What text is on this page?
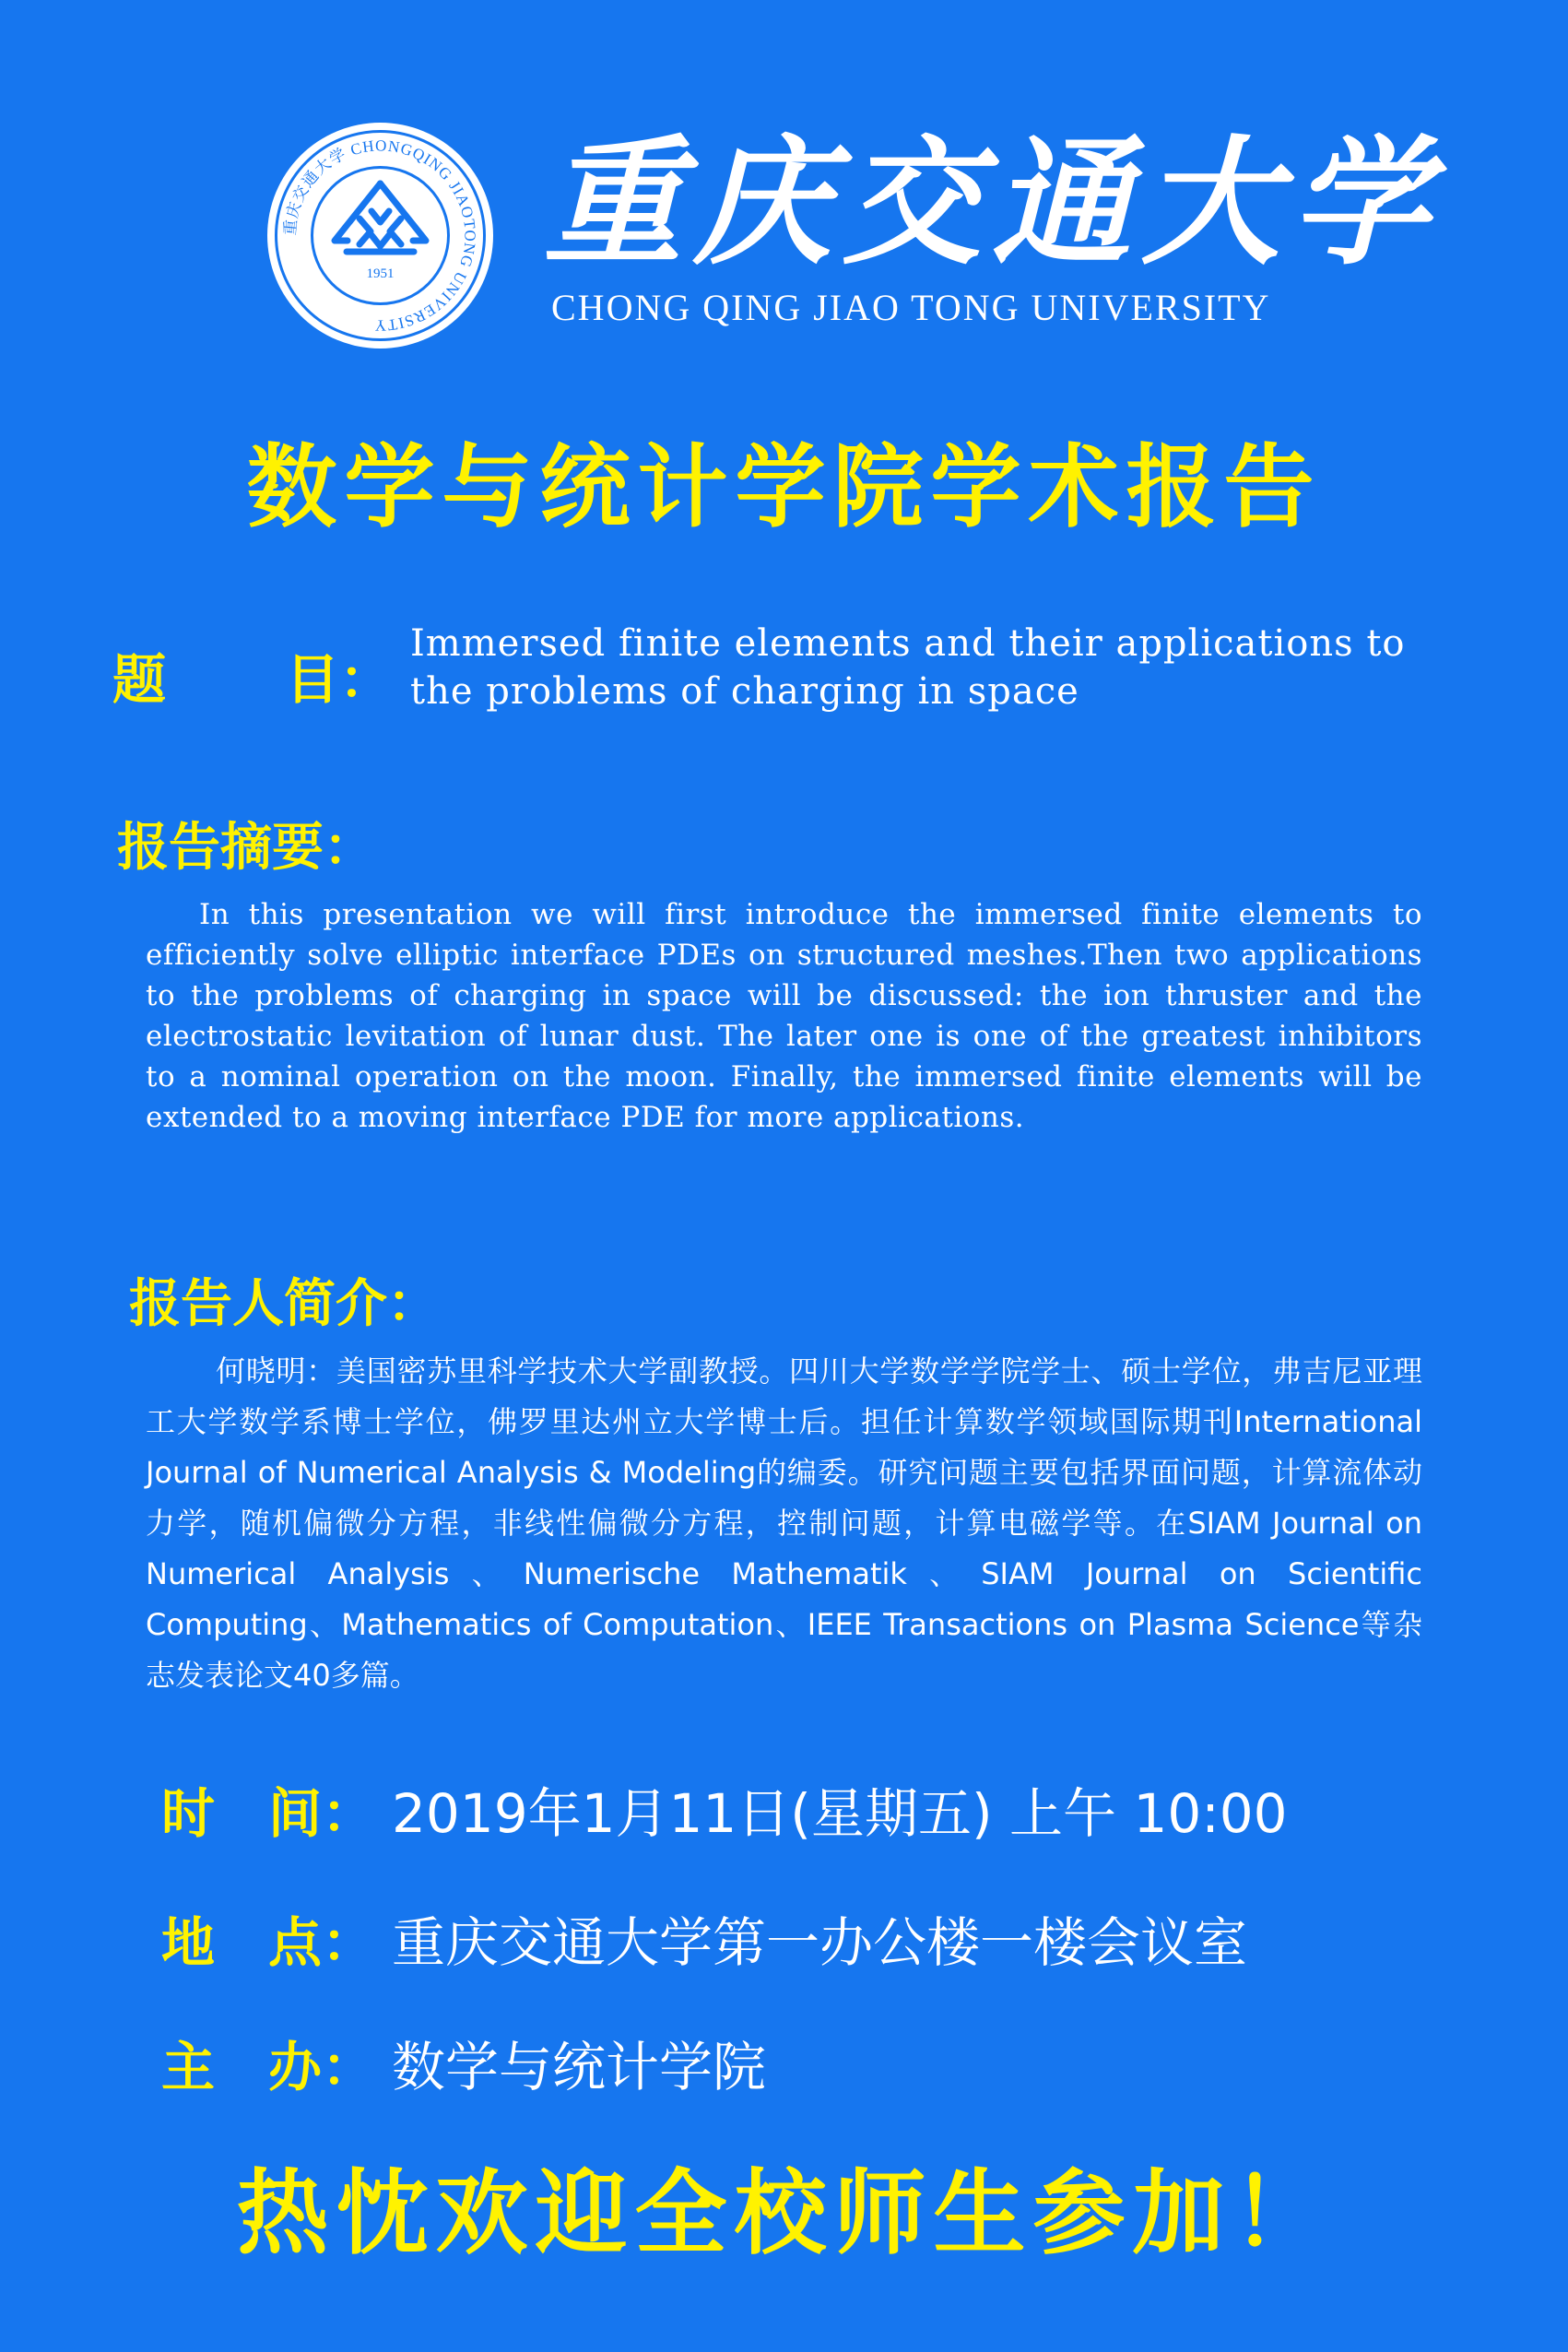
重庆交通大学 CHONGQING JIAOTONG UNIVERSITY
1951 重庆交通大学
CHONG QING JIAO TONG UNIVERSITY
数学与统计学院学术报告
题 目：
Immersed finite elements and their applications to the problems of charging in space
报告摘要：
In this presentation we will first introduce the immersed finite elements to efficiently solve elliptic interface PDEs on structured meshes.Then two applications to the problems of charging in space will be discussed: the ion thruster and the electrostatic levitation of lunar dust. The later one is one of the greatest inhibitors to a nominal operation on the moon. Finally, the immersed finite elements will be extended to a moving interface PDE for more applications.
报告人简介：
何晓明：美国密苏里科学技术大学副教授。四川大学数学学院学士、硕士学位，弗吉尼亚理工大学数学系博士学位，佛罗里达州立大学博士后。担任计算数学领域国际期刊International Journal of Numerical Analysis & Modeling的编委。研究问题主要包括界面问题，计算流体动力学，随机偏微分方程，非线性偏微分方程，控制问题，计算电磁学等。在SIAM Journal on Numerical Analysis、Numerische Mathematik、SIAM Journal on Scientific Computing、Mathematics of Computation、IEEE Transactions on Plasma Science等杂志发表论文40多篇。
时　间： 2019年1月11日(星期五) 上午 10:00
地　点： 重庆交通大学第一办公楼一楼会议室
主　办： 数学与统计学院
热忱欢迎全校师生参加！
